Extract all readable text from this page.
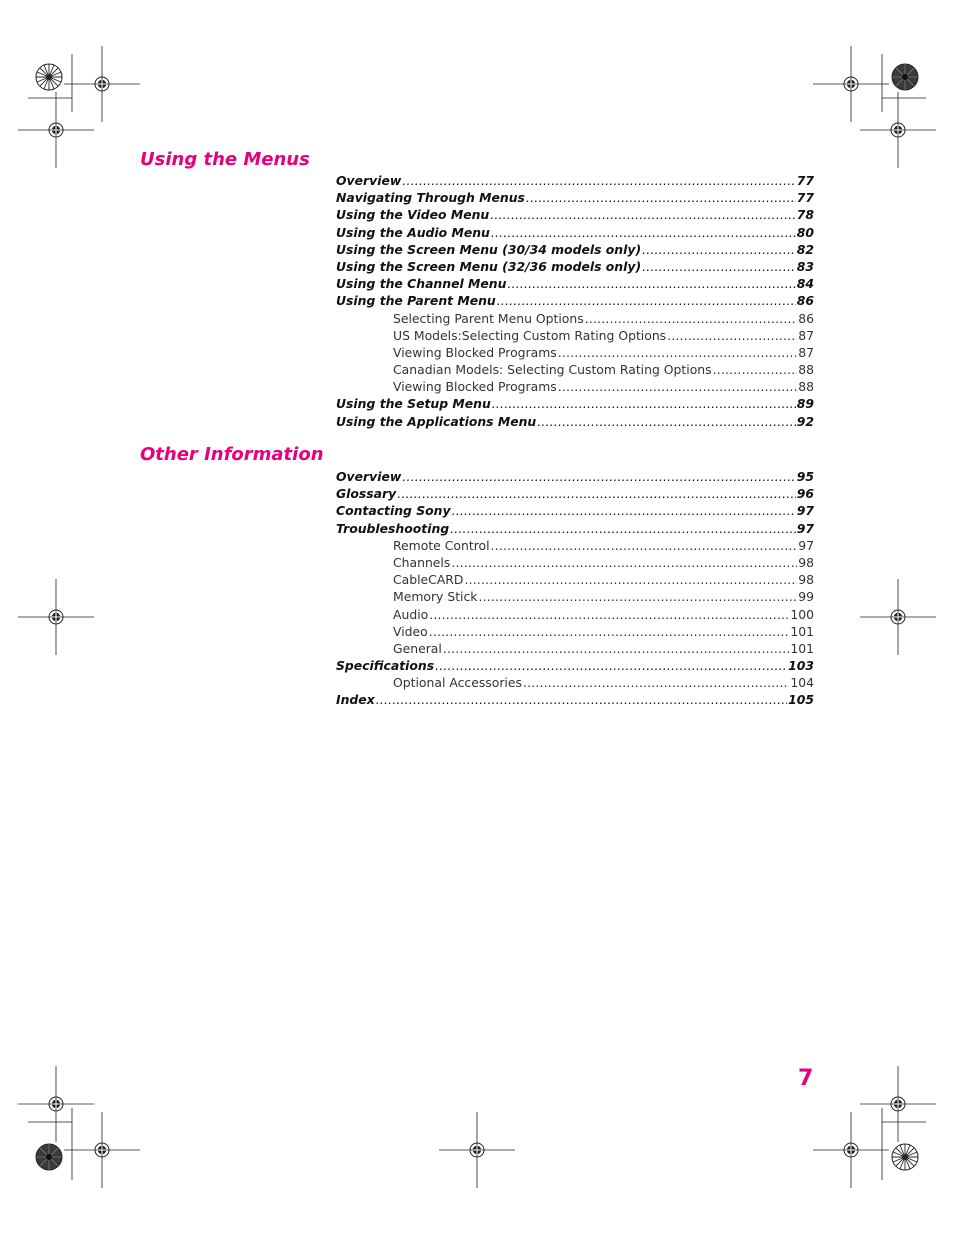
Using the Menus
Overview .....	77
Navigating Through Menus .....	77
Using the Video Menu .....	78
Using the Audio Menu .....	80
Using the Screen Menu (30/34 models only) .....	82
Using the Screen Menu (32/36 models only) .....	83
Using the Channel Menu .....	84
Using the Parent Menu .....	86
Selecting Parent Menu Options .....	86
US Models:Selecting Custom Rating Options .....	87
Viewing Blocked Programs .....	87
Canadian Models: Selecting Custom Rating Options .....	88
Viewing Blocked Programs .....	88
Using the Setup Menu .....	89
Using the Applications Menu .....	92
Other Information
Overview .....	95
Glossary .....	96
Contacting Sony .....	97
Troubleshooting .....	97
Remote Control .....	97
Channels .....	98
CableCARD .....	98
Memory Stick .....	99
Audio .....	100
Video .....	101
General .....	101
Specifications .....	103
Optional Accessories .....	104
Index .....	105
7
